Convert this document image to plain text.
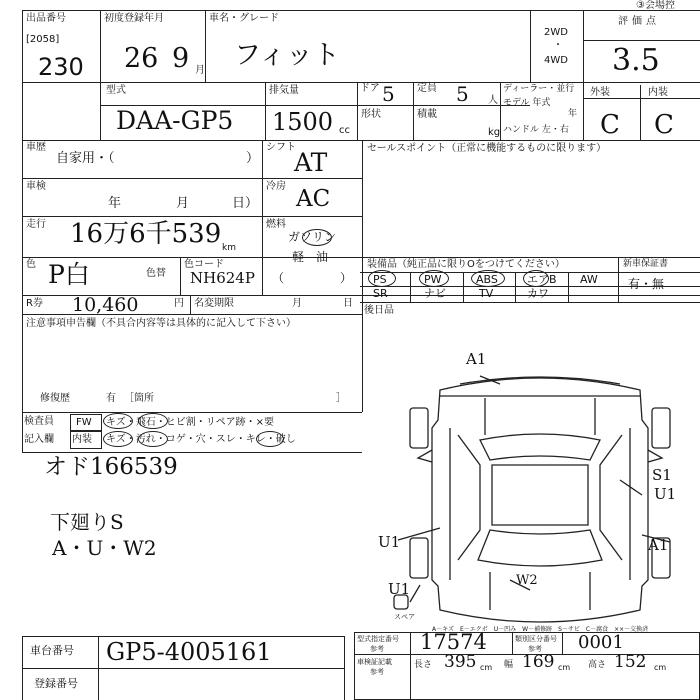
③会場控
出品番号
[2058]
230
初度登録年月
26 9 月
車名・グレード
フィット
2WD
・
4WD
評価点
3.5
型式
DAA-GP5
排気量
1500 cc
ドア 5
形状
定員 5 人
積載
kg
ディーラー・並行
モデル 年式
年
ハンドル 左・右
外装	内装
C C
車歴
自家用・（	）
シフト
AT	セールスポイント（正常に機能するものに限ります）
車検
年	月	日）
冷房 AC
走行 16万6千539 km
燃料
ガソリン
軽　油
（	）
色 P白	色替
色コード
NH624P
装備品（純正品に限りOをつけてください）	新車保証書
有・無
PS	PW	ABS	エアB AW
SR	ナビ	TV	カワ
R券 10,460	円 名変期限	月	日
後日品
注意事項申告欄（不具合内容等は具体的に記入して下さい）
修復歴	有 ［箇所	］
検査員
記入欄
FW
内装
キズ・飛石・ヒビ割・リペア跡・×要
キズ・汚れ・コゲ・穴・スレ・キレ・破し
オド166539
下廻りS
A・U・W2
A1
S1
U1
U1	A1
U1	W2
スペア
A－キズ　E－エクボ　U－凹み　W－補修跡　S－サビ　C－腐食　××－交換済
車台番号 GP5-4005161
登録番号
型式指定番号
参考 17574	類別区分番号
参考 0001
車検証記載
参考
長さ 395 cm 幅 169 cm 高さ 152 cm
